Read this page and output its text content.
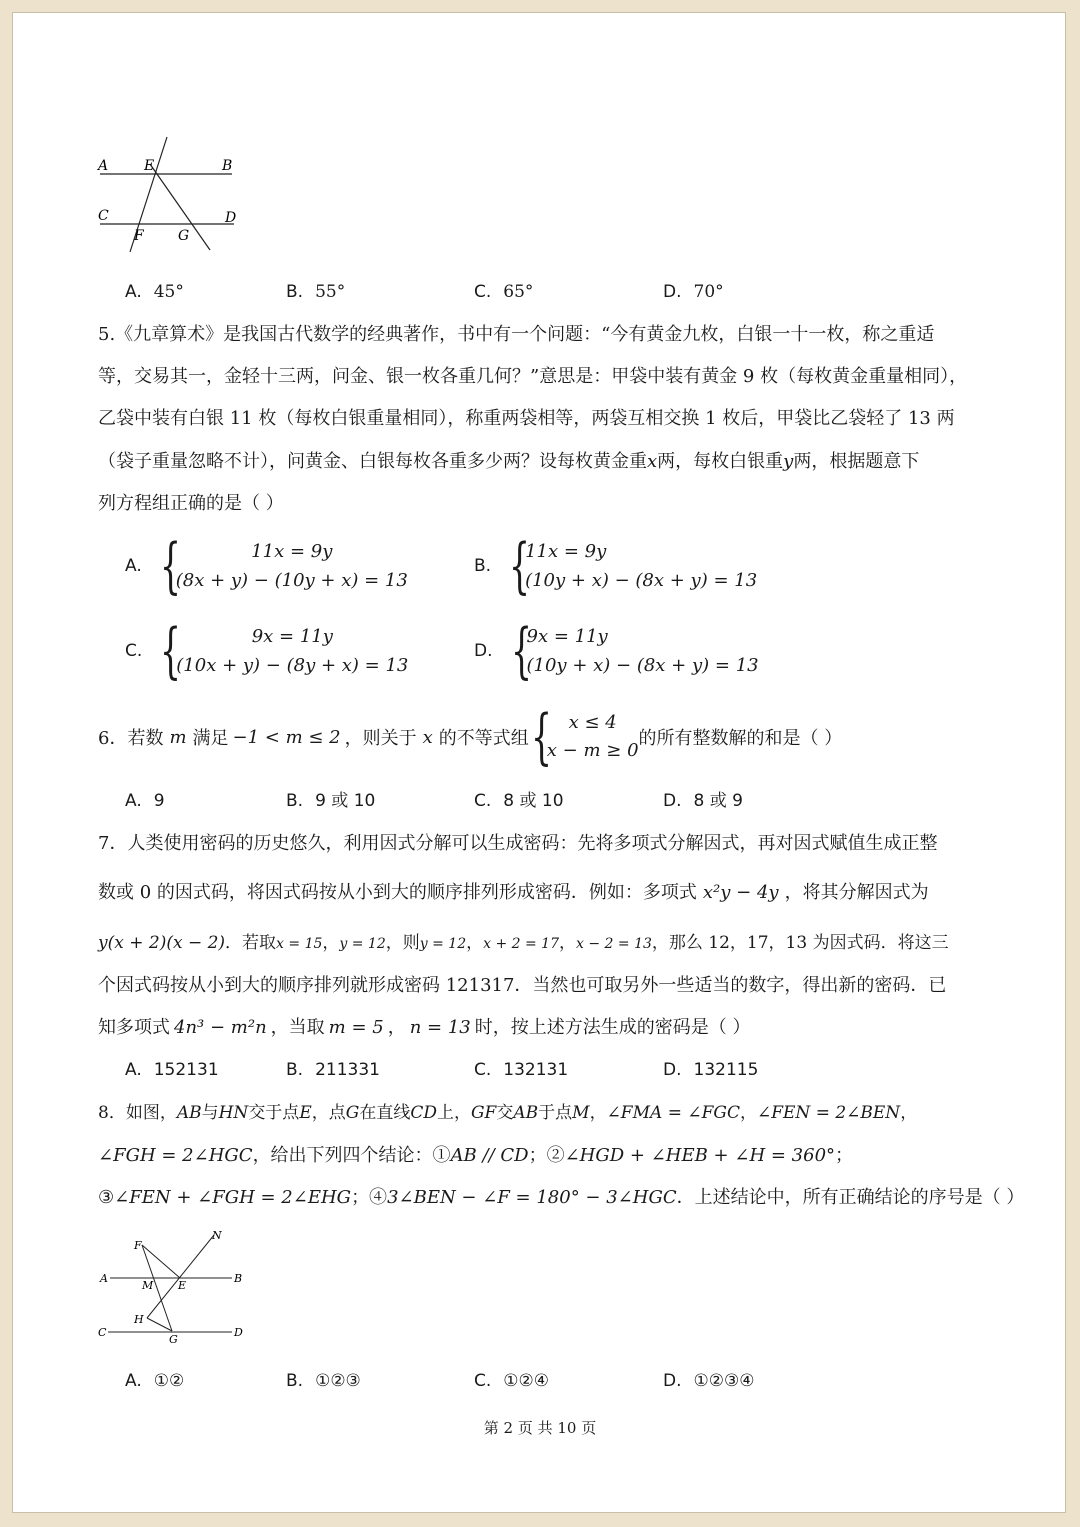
A	E	B
C	D
F G
A. 45°	B. 55°	C. 65°	D. 70°
5.《九章算术》是我国古代数学的经典著作，书中有一个问题：“今有黄金九枚，白银一十一枚，称之重适
等，交易其一，金轻十三两，问金、银一枚各重几何？”意思是：甲袋中装有黄金 9 枚（每枚黄金重量相同），
乙袋中装有白银 11 枚（每枚白银重量相同），称重两袋相等，两袋互相交换 1 枚后，甲袋比乙袋轻了 13 两
（袋子重量忽略不计），问黄金、白银每枚各重多少两？设每枚黄金重x两，每枚白银重y两，根据题意下
列方程组正确的是（ ）
A. {	11x = 9y
(8x + y) − (10y + x) = 13
B. {
11x = 9y
(10y + x) − (8x + y) = 13
C. {	9x = 11y
(10x + y) − (8y + x) = 13
D. {
9x = 11y
(10y + x) − (8x + y) = 13
6．若数 m 满足 −1 < m ≤ 2 ，则关于 x 的不等式组 { x ≤ 4
x − m ≥ 0
的所有整数解的和是（ ）
A. 9	B. 9 或 10	C. 8 或 10	D. 8 或 9
7．人类使用密码的历史悠久，利用因式分解可以生成密码：先将多项式分解因式，再对因式赋值生成正整
数或 0 的因式码，将因式码按从小到大的顺序排列形成密码．例如：多项式 x²y − 4y ，将其分解因式为
y(x + 2)(x − 2)．若取x = 15，y = 12，则y = 12，x + 2 = 17，x − 2 = 13，那么 12，17，13 为因式码．将这三
个因式码按从小到大的顺序排列就形成密码 121317．当然也可取另外一些适当的数字，得出新的密码．已
知多项式 4n³ − m²n ，当取 m = 5 ， n = 13 时，按上述方法生成的密码是（ ）
A. 152131	B. 211331	C. 132131	D. 132115
8．如图，AB与HN交于点E，点G在直线CD上，GF交AB于点M，∠FMA = ∠FGC，∠FEN = 2∠BEN，
∠FGH = 2∠HGC，给出下列四个结论：①AB // CD；②∠HGD + ∠HEB + ∠H = 360°；
③∠FEN + ∠FGH = 2∠EHG；④3∠BEN − ∠F = 180° − 3∠HGC．上述结论中，所有正确结论的序号是（ ）
F
N
A
M E
B
H
C
G
D
A. ①②	B. ①②③	C. ①②④	D. ①②③④
第 2 页 共 10 页
